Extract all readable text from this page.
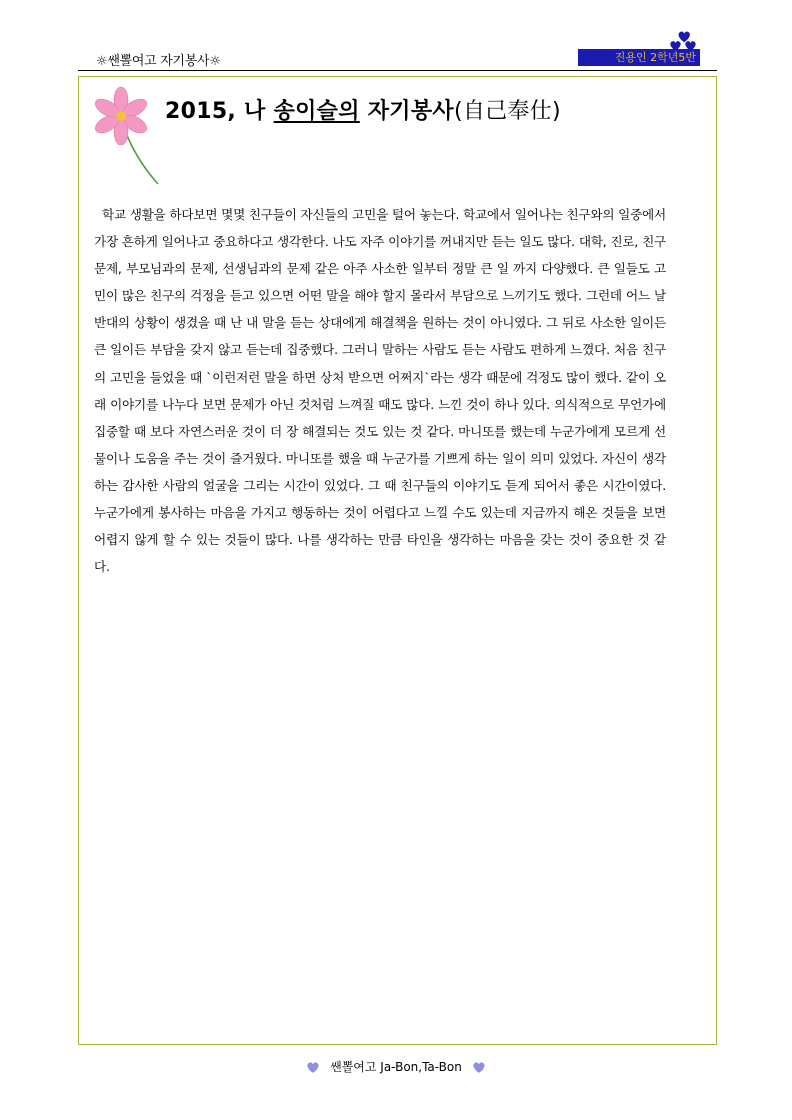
☼쌘뽈여고 자기봉사☼	진용인 2학년5반
2015, 나 송이슬의 자기봉사(自己奉仕)

학교 생활을 하다보면 몇몇 친구들이 자신들의 고민을 털어 놓는다. 학교에서 일어나는 친구와의 일중에서 가장 흔하게 일어나고 중요하다고 생각한다. 나도 자주 이야기를 꺼내지만 듣는 일도 많다. 대학, 진로, 친구 문제, 부모님과의 문제, 선생님과의 문제 같은 아주 사소한 일부터 정말 큰 일 까지 다양했다. 큰 일들도 고민이 많은 친구의 걱정을 듣고 있으면 어떤 말을 해야 할지 몰라서 부담으로 느끼기도 했다. 그런데 어느 날 반대의 상황이 생겼을 때 난 내 말을 듣는 상대에게 해결책을 원하는 것이 아니였다. 그 뒤로 사소한 일이든 큰 일이든 부담을 갖지 않고 듣는데 집중했다. 그러니 말하는 사람도 듣는 사람도 편하게 느꼈다. 처음 친구의 고민을 들었을 때 `이런저런 말을 하면 상처 받으면 어쩌지`라는 생각 때문에 걱정도 많이 했다. 같이 오래 이야기를 나누다 보면 문제가 아닌 것처럼 느껴질 때도 많다. 느낀 것이 하나 있다. 의식적으로 무언가에 집중할 때 보다 자연스러운 것이 더 장 해결되는 것도 있는 것 같다. 마니또를 했는데 누군가에게 모르게 선물이나 도움을 주는 것이 즐거웠다. 마니또를 했을 때 누군가를 기쁘게 하는 일이 의미 있었다. 자신이 생각하는 감사한 사람의 얼굴을 그리는 시간이 있었다. 그 때 친구들의 이야기도 듣게 되어서 좋은 시간이였다. 누군가에게 봉사하는 마음을 가지고 행동하는 것이 어렵다고 느낄 수도 있는데 지금까지 해온 것들을 보면 어렵지 않게 할 수 있는 것들이 많다. 나를 생각하는 만큼 타인을 생각하는 마음을 갖는 것이 중요한 것 같다.

쌘뽈여고 Ja-Bon,Ta-Bon
